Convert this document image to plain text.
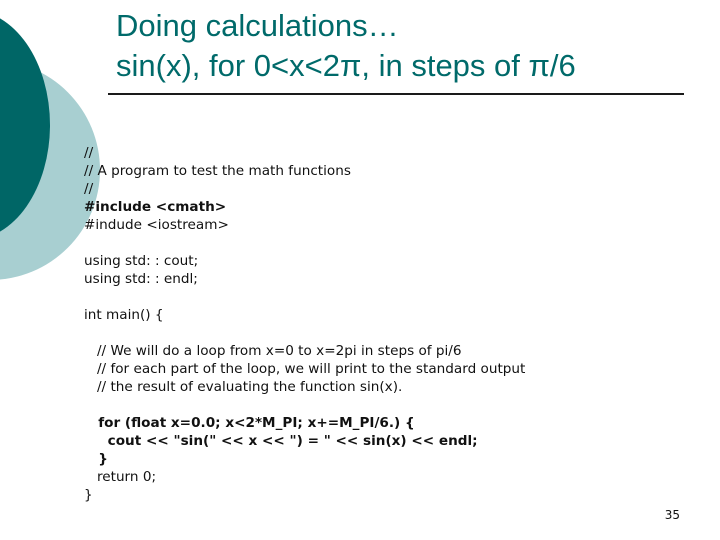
Doing calculations…
sin(x), for 0<x<2π, in steps of π/6
//
// A program to test the math functions
//
#include <cmath>
#indude <iostream>
using std: : cout;
using std: : endl;
int main() {
// We will do a loop from x=0 to x=2pi in steps of pi/6
// for each part of the loop, we will print to the standard output
// the result of evaluating the function sin(x).
for (float x=0.0; x<2*M_PI; x+=M_PI/6.) {
cout << "sin(" << x << ") = " << sin(x) << endl;
}
return 0;
}
35
